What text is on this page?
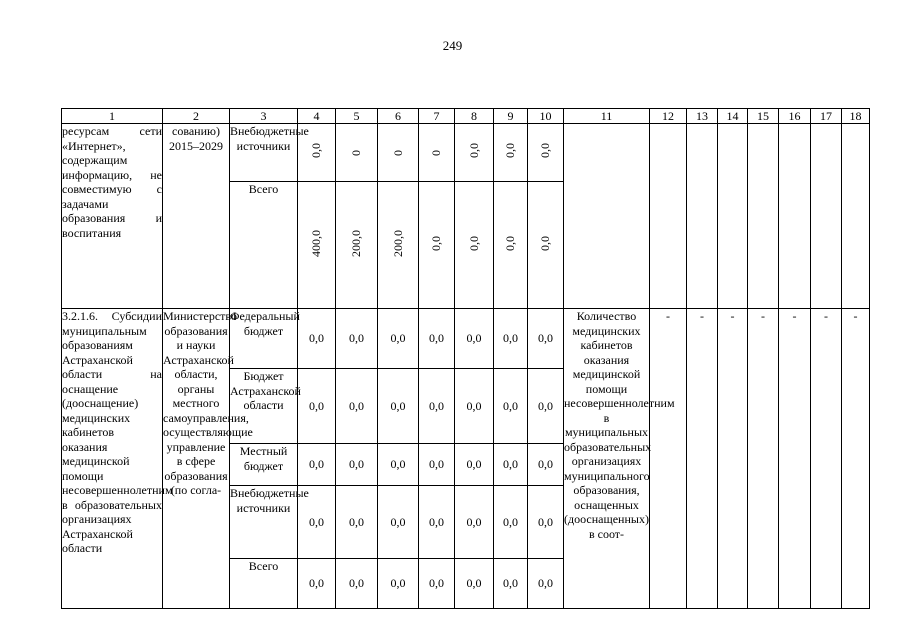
249
1	2	3	4	5	6	7	8	9	10	11	12	13	14	15	16	17	18
ресурсам сети «Интернет», содержащим информацию, не совместимую с задачами образования и воспитания	сованию) 2015–2029	Внебюджетные источники	0,0	0	0	0	0,0	0,0	0,0								
		Всего	400,0	200,0	200,0	0,0	0,0	0,0	0,0								
3.2.1.6. Субсидии муниципальным образованиям Астраханской области на оснащение (дооснащение) медицинских кабинетов оказания медицинской помощи несовершеннолетним в образовательных организациях Астраханской области	Министерство образования и науки Астраханской области, органы местного самоуправления, осуществляющие управление в сфере образования (по согла-	Федеральный бюджет	0,0	0,0	0,0	0,0	0,0	0,0	0,0	Количество медицинских кабинетов оказания медицинской помощи несовершеннолетним в муниципальных образовательных организациях муниципального образования, оснащенных (дооснащенных) в соот-	-	-	-	-	-	-	-
		Бюджет Астраханской области	0,0	0,0	0,0	0,0	0,0	0,0	0,0								
		Местный бюджет	0,0	0,0	0,0	0,0	0,0	0,0	0,0								
		Внебюджетные источники	0,0	0,0	0,0	0,0	0,0	0,0	0,0								
		Всего	0,0	0,0	0,0	0,0	0,0	0,0	0,0								
